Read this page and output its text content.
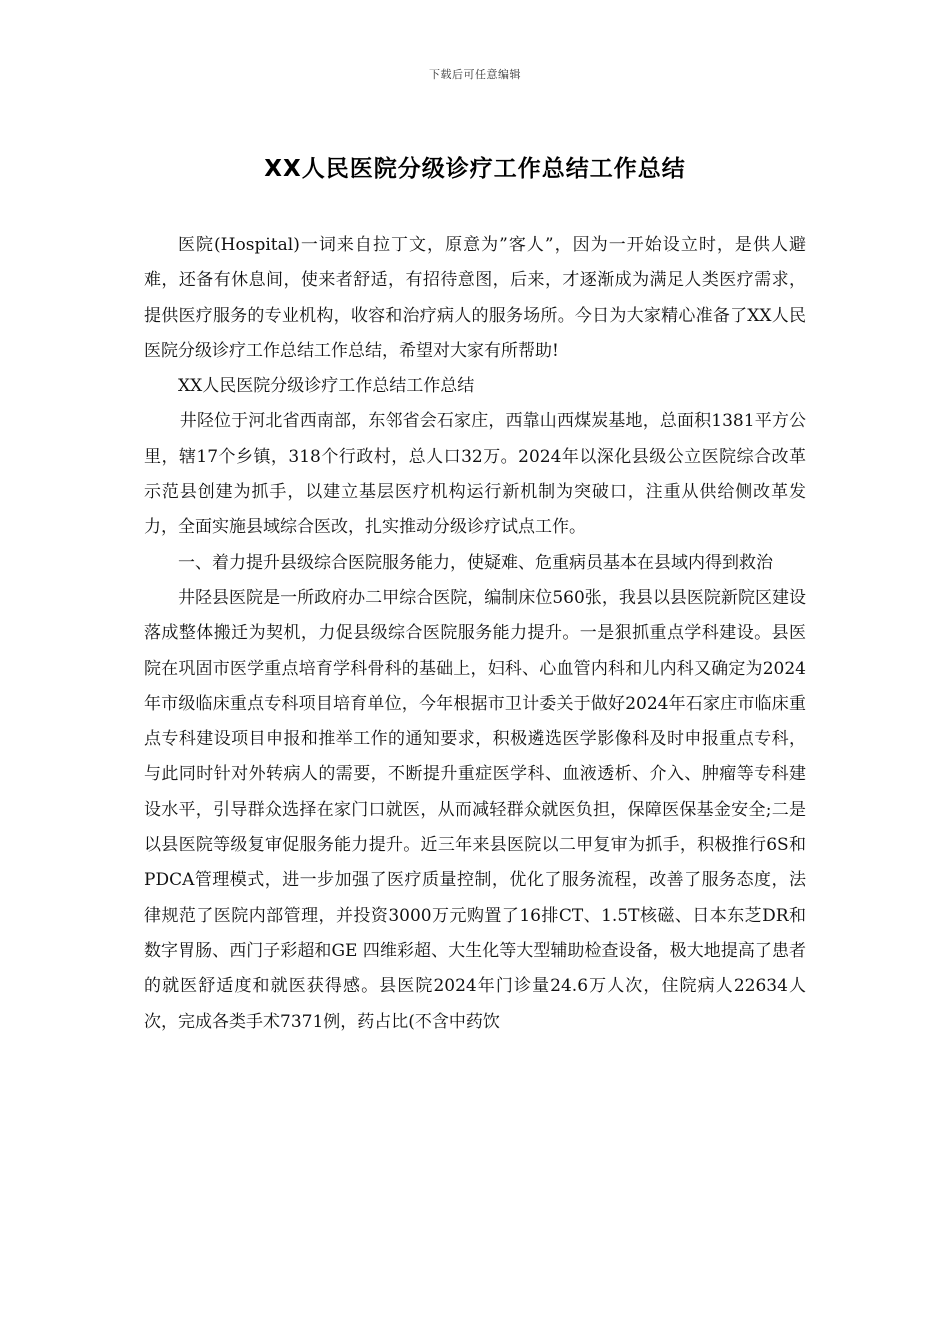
下载后可任意编辑
XX人民医院分级诊疗工作总结工作总结

医院(Hospital)一词来自拉丁文，原意为”客人”，因为一开始设立时，是供人避难，还备有休息间，使来者舒适，有招待意图，后来，才逐渐成为满足人类医疗需求，提供医疗服务的专业机构，收容和治疗病人的服务场所。今日为大家精心准备了XX人民医院分级诊疗工作总结工作总结，希望对大家有所帮助!

XX人民医院分级诊疗工作总结工作总结

井陉位于河北省西南部，东邻省会石家庄，西靠山西煤炭基地，总面积1381平方公里，辖17个乡镇，318个行政村，总人口32万。2024年以深化县级公立医院综合改革示范县创建为抓手，以建立基层医疗机构运行新机制为突破口，注重从供给侧改革发力，全面实施县域综合医改，扎实推动分级诊疗试点工作。

一、着力提升县级综合医院服务能力，使疑难、危重病员基本在县域内得到救治

井陉县医院是一所政府办二甲综合医院，编制床位560张，我县以县医院新院区建设落成整体搬迁为契机，力促县级综合医院服务能力提升。一是狠抓重点学科建设。县医院在巩固市医学重点培育学科骨科的基础上，妇科、心血管内科和儿内科又确定为2024年市级临床重点专科项目培育单位，今年根据市卫计委关于做好2024年石家庄市临床重点专科建设项目申报和推举工作的通知要求，积极遴选医学影像科及时申报重点专科，与此同时针对外转病人的需要，不断提升重症医学科、血液透析、介入、肿瘤等专科建设水平，引导群众选择在家门口就医，从而减轻群众就医负担，保障医保基金安全;二是以县医院等级复审促服务能力提升。近三年来县医院以二甲复审为抓手，积极推行6S和PDCA管理模式，进一步加强了医疗质量控制，优化了服务流程，改善了服务态度，法律规范了医院内部管理，并投资3000万元购置了16排CT、1.5T核磁、日本东芝DR和数字胃肠、西门子彩超和GE 四维彩超、大生化等大型辅助检查设备，极大地提高了患者的就医舒适度和就医获得感。县医院2024年门诊量24.6万人次，住院病人22634人次，完成各类手术7371例，药占比(不含中药饮
